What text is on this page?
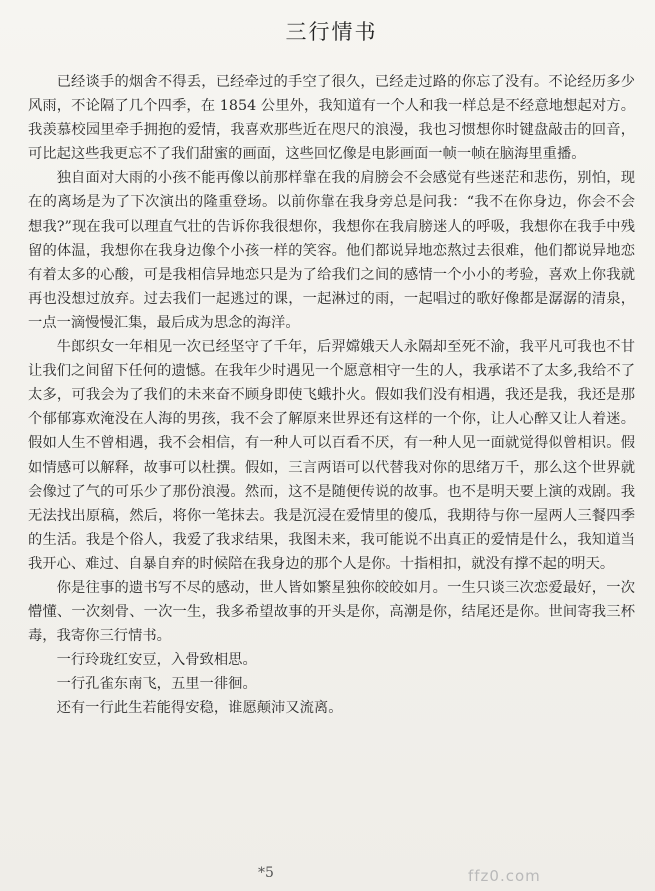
三行情书

已经谈手的烟舍不得丢，已经牵过的手空了很久，已经走过路的你忘了没有。不论经历多少风雨，不论隔了几个四季，在 1854 公里外，我知道有一个人和我一样总是不经意地想起对方。我羡慕校园里牵手拥抱的爱情，我喜欢那些近在咫尺的浪漫，我也习惯想你时键盘敲击的回音，可比起这些我更忘不了我们甜蜜的画面，这些回忆像是电影画面一帧一帧在脑海里重播。

独自面对大雨的小孩不能再像以前那样靠在我的肩膀会不会感觉有些迷茫和悲伤，别怕，现在的离场是为了下次演出的隆重登场。以前你靠在我身旁总是问我：“我不在你身边，你会不会想我?”现在我可以理直气壮的告诉你我很想你，我想你在我肩膀迷人的呼吸，我想你在我手中残留的体温，我想你在我身边像个小孩一样的笑容。他们都说异地恋熬过去很难，他们都说异地恋有着太多的心酸，可是我相信异地恋只是为了给我们之间的感情一个小小的考验，喜欢上你我就再也没想过放弃。过去我们一起逃过的课，一起淋过的雨，一起唱过的歌好像都是潺潺的清泉，一点一滴慢慢汇集，最后成为思念的海洋。

牛郎织女一年相见一次已经坚守了千年，后羿嫦娥天人永隔却至死不渝，我平凡可我也不甘让我们之间留下任何的遗憾。在我年少时遇见一个愿意相守一生的人，我承诺不了太多,我给不了太多，可我会为了我们的未来奋不顾身即使飞蛾扑火。假如我们没有相遇，我还是我，我还是那个郁郁寡欢淹没在人海的男孩，我不会了解原来世界还有这样的一个你，让人心醉又让人着迷。假如人生不曾相遇，我不会相信，有一种人可以百看不厌，有一种人见一面就觉得似曾相识。假如情感可以解释，故事可以杜撰。假如，三言两语可以代替我对你的思绪万千，那么这个世界就会像过了气的可乐少了那份浪漫。然而，这不是随便传说的故事。也不是明天要上演的戏剧。我无法找出原稿，然后，将你一笔抹去。我是沉浸在爱情里的傻瓜，我期待与你一屋两人三餐四季的生活。我是个俗人，我爱了我求结果，我图未来，我可能说不出真正的爱情是什么，我知道当我开心、难过、自暴自弃的时候陪在我身边的那个人是你。十指相扣，就没有撑不起的明天。

你是往事的遗书写不尽的感动，世人皆如繁星独你皎皎如月。一生只谈三次恋爱最好，一次懵懂、一次刻骨、一次一生，我多希望故事的开头是你，高潮是你，结尾还是你。世间寄我三杯毒，我寄你三行情书。

一行玲珑红安豆，入骨致相思。

一行孔雀东南飞，五里一徘徊。

还有一行此生若能得安稳，谁愿颠沛又流离。

*5	ffz0.com
